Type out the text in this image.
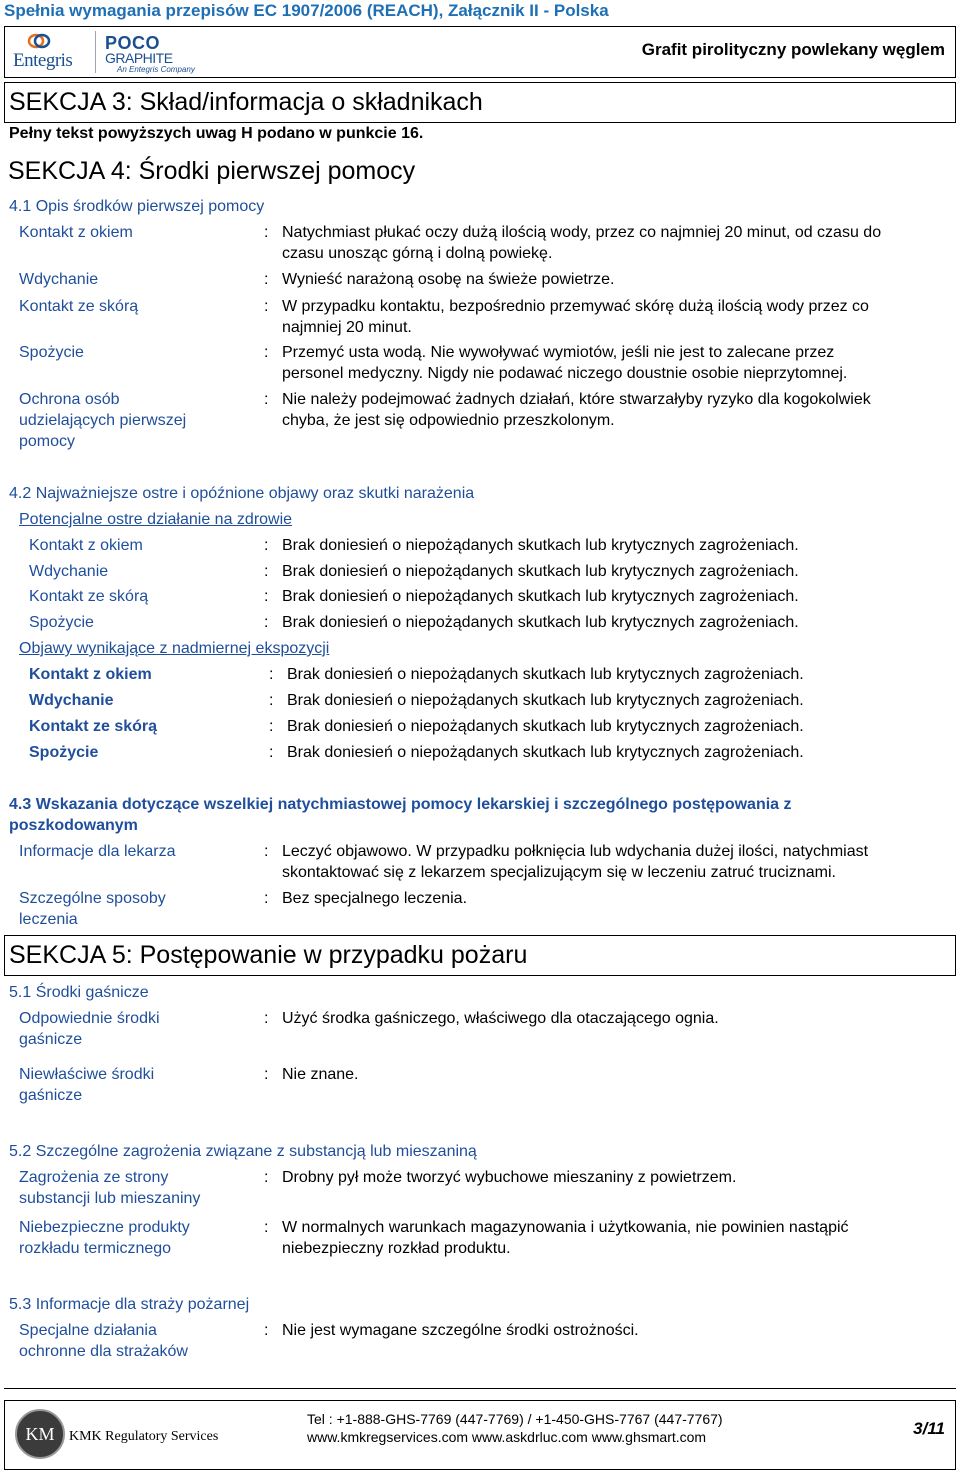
Spełnia wymagania przepisów EC 1907/2006 (REACH), Załącznik II - Polska
Entegris
POCO
GRAPHITE
An Entegris Company
Grafit pirolityczny powlekany węglem
SEKCJA 3: Skład/informacja o składnikach
Pełny tekst powyższych uwag H podano w punkcie 16.
SEKCJA 4: Środki pierwszej pomocy
4.1 Opis środków pierwszej pomocy
Kontakt z okiem	: Natychmiast płukać oczy dużą ilością wody, przez co najmniej 20 minut, od czasu do
czasu unosząc górną i dolną powiekę.
Wdychanie	: Wynieść narażoną osobę na świeże powietrze.
Kontakt ze skórą	: W przypadku kontaktu, bezpośrednio przemywać skórę dużą ilością wody przez co
najmniej 20 minut.
Spożycie	: Przemyć usta wodą. Nie wywoływać wymiotów, jeśli nie jest to zalecane przez
personel medyczny. Nigdy nie podawać niczego doustnie osobie nieprzytomnej.
Ochrona osób
udzielających pierwszej
pomocy
: Nie należy podejmować żadnych działań, które stwarzałyby ryzyko dla kogokolwiek
chyba, że jest się odpowiednio przeszkolonym.
4.2 Najważniejsze ostre i opóźnione objawy oraz skutki narażenia
Potencjalne ostre działanie na zdrowie
Kontakt z okiem	: Brak doniesień o niepożądanych skutkach lub krytycznych zagrożeniach.
Wdychanie	: Brak doniesień o niepożądanych skutkach lub krytycznych zagrożeniach.
Kontakt ze skórą	: Brak doniesień o niepożądanych skutkach lub krytycznych zagrożeniach.
Spożycie	: Brak doniesień o niepożądanych skutkach lub krytycznych zagrożeniach.
Objawy wynikające z nadmiernej ekspozycji
Kontakt z okiem	: Brak doniesień o niepożądanych skutkach lub krytycznych zagrożeniach.
Wdychanie	: Brak doniesień o niepożądanych skutkach lub krytycznych zagrożeniach.
Kontakt ze skórą	: Brak doniesień o niepożądanych skutkach lub krytycznych zagrożeniach.
Spożycie	: Brak doniesień o niepożądanych skutkach lub krytycznych zagrożeniach.
4.3 Wskazania dotyczące wszelkiej natychmiastowej pomocy lekarskiej i szczególnego postępowania z
poszkodowanym
Informacje dla lekarza	: Leczyć objawowo. W przypadku połknięcia lub wdychania dużej ilości, natychmiast
skontaktować się z lekarzem specjalizującym się w leczeniu zatruć truciznami.
Szczególne sposoby
leczenia
: Bez specjalnego leczenia.
SEKCJA 5: Postępowanie w przypadku pożaru
5.1 Środki gaśnicze
Odpowiednie środki
gaśnicze
: Użyć środka gaśniczego, właściwego dla otaczającego ognia.
Niewłaściwe środki
gaśnicze
: Nie znane.
5.2 Szczególne zagrożenia związane z substancją lub mieszaniną
Zagrożenia ze strony
substancji lub mieszaniny
: Drobny pył może tworzyć wybuchowe mieszaniny z powietrzem.
Niebezpieczne produkty
rozkładu termicznego
: W normalnych warunkach magazynowania i użytkowania, nie powinien nastąpić
niebezpieczny rozkład produktu.
5.3 Informacje dla straży pożarnej
Specjalne działania
ochronne dla strażaków
: Nie jest wymagane szczególne środki ostrożności.
KM	KMK Regulatory Services
Tel : +1-888-GHS-7769 (447-7769) / +1-450-GHS-7767 (447-7767)
www.kmkregservices.com www.askdrluc.com www.ghsmart.com	3/11
